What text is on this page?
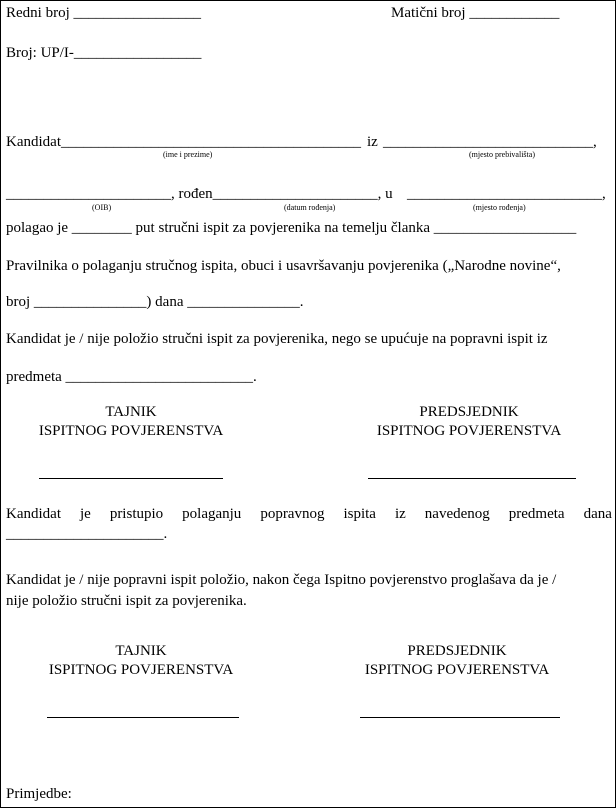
Redni broj _________________	Matični broj ____________
Broj: UP/I-_________________
Kandidat________________________________________ iz ____________________________,
(ime i prezime)	(mjesto prebivališta)
______________________, rođen______________________, u __________________________,
(OIB)	(datum rođenja)	(mjesto rođenja)
polagao je ________ put stručni ispit za povjerenika na temelju članka ___________________
Pravilnika o polaganju stručnog ispita, obuci i usavršavanju povjerenika („Narodne novine“,
broj _______________) dana _______________.
Kandidat je / nije položio stručni ispit za povjerenika, nego se upućuje na popravni ispit iz
predmeta _________________________.
TAJNIK
ISPITNOG POVJERENSTVA
PREDSJEDNIK
ISPITNOG POVJERENSTVA
Kandidat je pristupio polaganju popravnog ispita iz navedenog predmeta dana
_____________________.
Kandidat je / nije popravni ispit položio, nakon čega Ispitno povjerenstvo proglašava da je /
nije položio stručni ispit za povjerenika.
TAJNIK
ISPITNOG POVJERENSTVA
PREDSJEDNIK
ISPITNOG POVJERENSTVA
Primjedbe:
